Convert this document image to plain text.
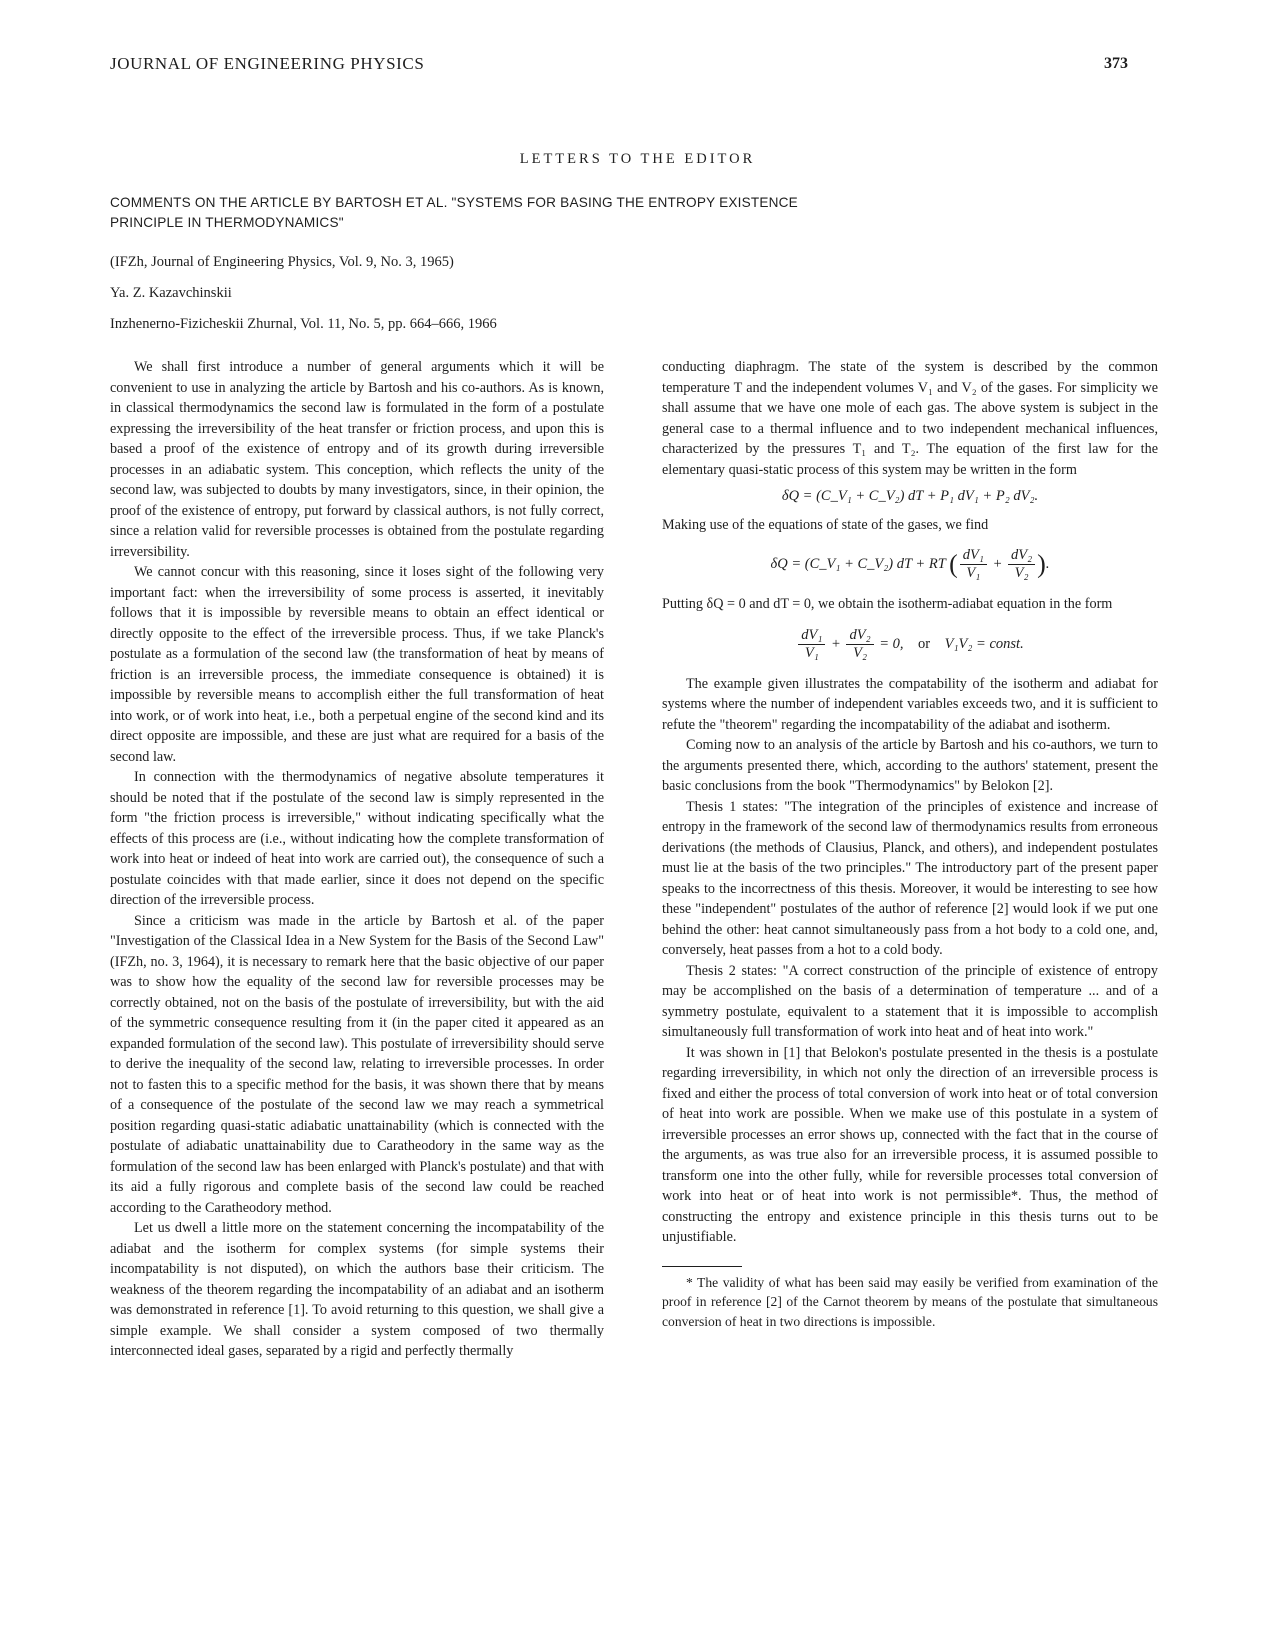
JOURNAL OF ENGINEERING PHYSICS	373
LETTERS TO THE EDITOR
COMMENTS ON THE ARTICLE BY BARTOSH ET AL. "SYSTEMS FOR BASING THE ENTROPY EXISTENCE PRINCIPLE IN THERMODYNAMICS"
(IFZh, Journal of Engineering Physics, Vol. 9, No. 3, 1965)
Ya. Z. Kazavchinskii
Inzhenerno-Fizicheskii Zhurnal, Vol. 11, No. 5, pp. 664–666, 1966

We shall first introduce a number of general arguments which it will be convenient to use in analyzing the article by Bartosh and his co-authors. As is known, in classical thermodynamics the second law is formulated in the form of a postulate expressing the irreversibility of the heat transfer or friction process, and upon this is based a proof of the existence of entropy and of its growth during irreversible processes in an adiabatic system. This conception, which reflects the unity of the second law, was subjected to doubts by many investigators, since, in their opinion, the proof of the existence of entropy, put forward by classical authors, is not fully correct, since a relation valid for reversible processes is obtained from the postulate regarding irreversibility.

We cannot concur with this reasoning, since it loses sight of the following very important fact: when the irreversibility of some process is asserted, it inevitably follows that it is impossible by reversible means to obtain an effect identical or directly opposite to the effect of the irreversible process. Thus, if we take Planck's postulate as a formulation of the second law (the transformation of heat by means of friction is an irreversible process, the immediate consequence is obtained) it is impossible by reversible means to accomplish either the full transformation of heat into work, or of work into heat, i.e., both a perpetual engine of the second kind and its direct opposite are impossible, and these are just what are required for a basis of the second law.

In connection with the thermodynamics of negative absolute temperatures it should be noted that if the postulate of the second law is simply represented in the form "the friction process is irreversible," without indicating specifically what the effects of this process are (i.e., without indicating how the complete transformation of work into heat or indeed of heat into work are carried out), the consequence of such a postulate coincides with that made earlier, since it does not depend on the specific direction of the irreversible process.

Since a criticism was made in the article by Bartosh et al. of the paper "Investigation of the Classical Idea in a New System for the Basis of the Second Law" (IFZh, no. 3, 1964), it is necessary to remark here that the basic objective of our paper was to show how the equality of the second law for reversible processes may be correctly obtained, not on the basis of the postulate of irreversibility, but with the aid of the symmetric consequence resulting from it (in the paper cited it appeared as an expanded formulation of the second law). This postulate of irreversibility should serve to derive the inequality of the second law, relating to irreversible processes. In order not to fasten this to a specific method for the basis, it was shown there that by means of a consequence of the postulate of the second law we may reach a symmetrical position regarding quasi-static adiabatic unattainability (which is connected with the postulate of adiabatic unattainability due to Caratheodory in the same way as the formulation of the second law has been enlarged with Planck's postulate) and that with its aid a fully rigorous and complete basis of the second law could be reached according to the Caratheodory method.

Let us dwell a little more on the statement concerning the incompatability of the adiabat and the isotherm for complex systems (for simple systems their incompatability is not disputed), on which the authors base their criticism. The weakness of the theorem regarding the incompatability of an adiabat and an isotherm was demonstrated in reference [1]. To avoid returning to this question, we shall give a simple example. We shall consider a system composed of two thermally interconnected ideal gases, separated by a rigid and perfectly thermally

conducting diaphragm. The state of the system is described by the common temperature T and the independent volumes V₁ and V₂ of the gases. For simplicity we shall assume that we have one mole of each gas. The above system is subject in the general case to a thermal influence and to two independent mechanical influences, characterized by the pressures T₁ and T₂. The equation of the first law for the elementary quasi-static process of this system may be written in the form

δQ = (C_V₁ + C_V₂) dT + P₁ dV₁ + P₂ dV₂.

Making use of the equations of state of the gases, we find

δQ = (C_V₁ + C_V₂) dT + RT ( $\frac{\text{dV₁}}{\text{V₁}} + \frac{\text{dV₂}}{\text{V₂}}$ ).

Putting δQ = 0 and dT = 0, we obtain the isotherm-adiabat equation in the form

$\frac{\text{dV₁}}{\text{V₁}} + \frac{\text{dV₂}}{\text{V₂}} = 0$, or V₁V₂ = const.

The example given illustrates the compatability of the isotherm and adiabat for systems where the number of independent variables exceeds two, and it is sufficient to refute the "theorem" regarding the incompatability of the adiabat and isotherm.

Coming now to an analysis of the article by Bartosh and his co-authors, we turn to the arguments presented there, which, according to the authors' statement, present the basic conclusions from the book "Thermodynamics" by Belokon [2].

Thesis 1 states: "The integration of the principles of existence and increase of entropy in the framework of the second law of thermodynamics results from erroneous derivations (the methods of Clausius, Planck, and others), and independent postulates must lie at the basis of the two principles." The introductory part of the present paper speaks to the incorrectness of this thesis. Moreover, it would be interesting to see how these "independent" postulates of the author of reference [2] would look if we put one behind the other: heat cannot simultaneously pass from a hot body to a cold one, and, conversely, heat passes from a hot to a cold body.

Thesis 2 states: "A correct construction of the principle of existence of entropy may be accomplished on the basis of a determination of temperature ... and of a symmetry postulate, equivalent to a statement that it is impossible to accomplish simultaneously full transformation of work into heat and of heat into work."

It was shown in [1] that Belokon's postulate presented in the thesis is a postulate regarding irreversibility, in which not only the direction of an irreversible process is fixed and either the process of total conversion of work into heat or of total conversion of heat into work are possible. When we make use of this postulate in a system of irreversible processes an error shows up, connected with the fact that in the course of the arguments, as was true also for an irreversible process, it is assumed possible to transform one into the other fully, while for reversible processes total conversion of work into heat or of heat into work is not permissible*. Thus, the method of constructing the entropy and existence principle in this thesis turns out to be unjustifiable.

* The validity of what has been said may easily be verified from examination of the proof in reference [2] of the Carnot theorem by means of the postulate that simultaneous conversion of heat in two directions is impossible.
